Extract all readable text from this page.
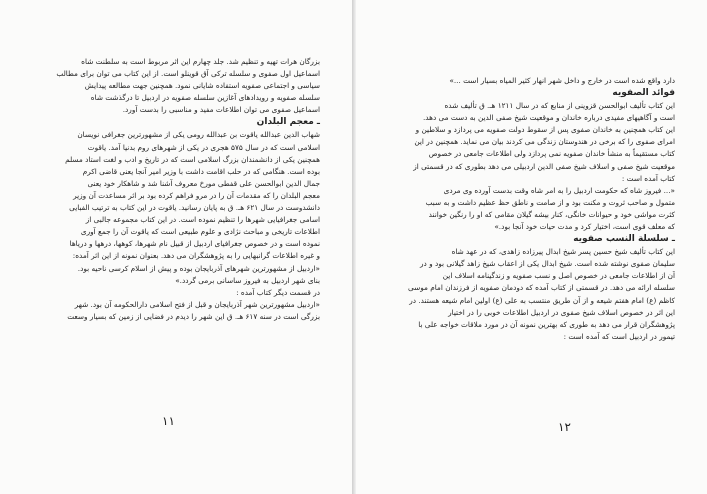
بزرگان هرات تهیه و تنظیم شد. جلد چهارم این اثر مربوط است به سلطنت شاه
اسماعیل اول صفوی و سلسله ترکی آق قوینلو است. از این کتاب می توان برای مطالب
سیاسی و اجتماعی صفویه استفاده شایانی نمود. همچنین جهت مطالعه پیدایش
سلسله صفویه و رویدادهای آغازین سلسله صفویه در اردبیل تا درگذشت شاه
اسماعیل صفوی می توان اطلاعات مفید و مناسبی را بدست آورد.
ـ معجم البلدان
شهاب الدین عبدالله یاقوت بن عبدالله رومی یکی از مشهورترین جغرافی نویسان
اسلامی است که در سال ۵۷۵ هجری در یکی از شهرهای روم بدنیا آمد. یاقوت
همچنین یکی از دانشمندان بزرگ اسلامی است که در تاریخ و ادب و لغت استاد مسلم
بوده است. هنگامی که در حلب اقامت داشت با وزیر امیر آنجا یعنی قاضی اکرم
جمال الدین ابوالحسن علی قفطی مورخ معروف آشنا شد و شاهکار خود یعنی
معجم البلدان را که مقدمات آن را در مرو فراهم کرده بود بر اثر مساعدت آن وزیر
دانشدوست در سال ۶۲۱ هـ. ق به پایان رسانید. یاقوت در این کتاب به ترتیب الفبایی
اسامی جغرافیایی شهرها را تنظیم نموده است. در این کتاب مجموعه جالبی از
اطلاعات تاریخی و مباحث نژادی و علوم طبیعی است که یاقوت آن را جمع آوری
نموده است و در خصوص جغرافیای اردبیل از قبیل نام شهرها، کوهها، درهها و دریاها
و غیره اطلاعات گرانبهایی را به پژوهشگران می دهد. بعنوان نمونه از این اثر آمده:
«اردبیل از مشهورترین شهرهای آذربایجان بوده و پیش از اسلام کرسی ناحیه بود.
بنای شهر اردبیل به فیروز ساسانی برمی گردد.»
در قسمت دیگر کتاب آمده :
«اردبیل مشهورترین شهر آذربایجان و قبل از فتح اسلامی دارالحکومه آن بود. شهر
بزرگی است در سنه ۶۱۷ هـ. ق این شهر را دیدم در فضایی از زمین که بسیار وسعت
۱۱
دارد واقع شده است در خارج و داخل شهر انهار کثیر المیاه بسیار است ...»
فوائد الصفویه
این کتاب تألیف ابوالحسن قزوینی از منابع که در سال ۱۲۱۱ هـ. ق تألیف شده
است و آگاهیهای مفیدی درباره خاندان و موقعیت شیخ صفی الدین به دست می دهد.
این کتاب همچنین به خاندان صفوی پس از سقوط دولت صفویه می پردازد و سلاطین و
امرای صفوی را که برخی در هندوستان زندگی می کردند بیان می نماید. همچنین در این
کتاب مستقیماً به منشأ خاندان صفویه نمی پردازد ولی اطلاعات جامعی در خصوص
موقعیت شیخ صفی و اسلاف شیخ صفی الدین اردبیلی می دهد بطوری که در قسمتی از
کتاب آمده است :
«... فیروز شاه که حکومت اردبیل را به امر شاه وقت بدست آورده وی مردی
متمول و صاحب ثروت و مکنت بود و از صامت و ناطق حظ عظیم داشت و به سبب
کثرت مواشی خود و حیوانات خانگی، کنار بیشه گیلان مقامی که او را رنگین خوانند
که معلف قوی است، اختیار کرد و مدت حیات خود آنجا بود.»
ـ سلسلة النسب صفویه
این کتاب تألیف شیخ حسین پسر شیخ ابدال پیرزاده زاهدی، که در عهد شاه
سلیمان صفوی نوشته شده است. شیخ ابدال یکی از اعقاب شیخ زاهد گیلانی بود و در
آن از اطلاعات جامعی در خصوص اصل و نسب صفویه و زندگینامه اسلاف این
سلسله ارائه می دهد. در قسمتی از کتاب آمده که دودمان صفویه از فرزندان امام موسی
کاظم (ع) امام هفتم شیعه و از آن طریق منتسب به علی (ع) اولین امام شیعه هستند. در
این اثر در خصوص اسلاف شیخ صفوی در اردبیل اطلاعات خوبی را در اختیار
پژوهشگران قرار می دهد به طوری که بهترین نمونه آن در مورد ملاقات خواجه علی با
تیمور در اردبیل است که آمده است :
۱۲
